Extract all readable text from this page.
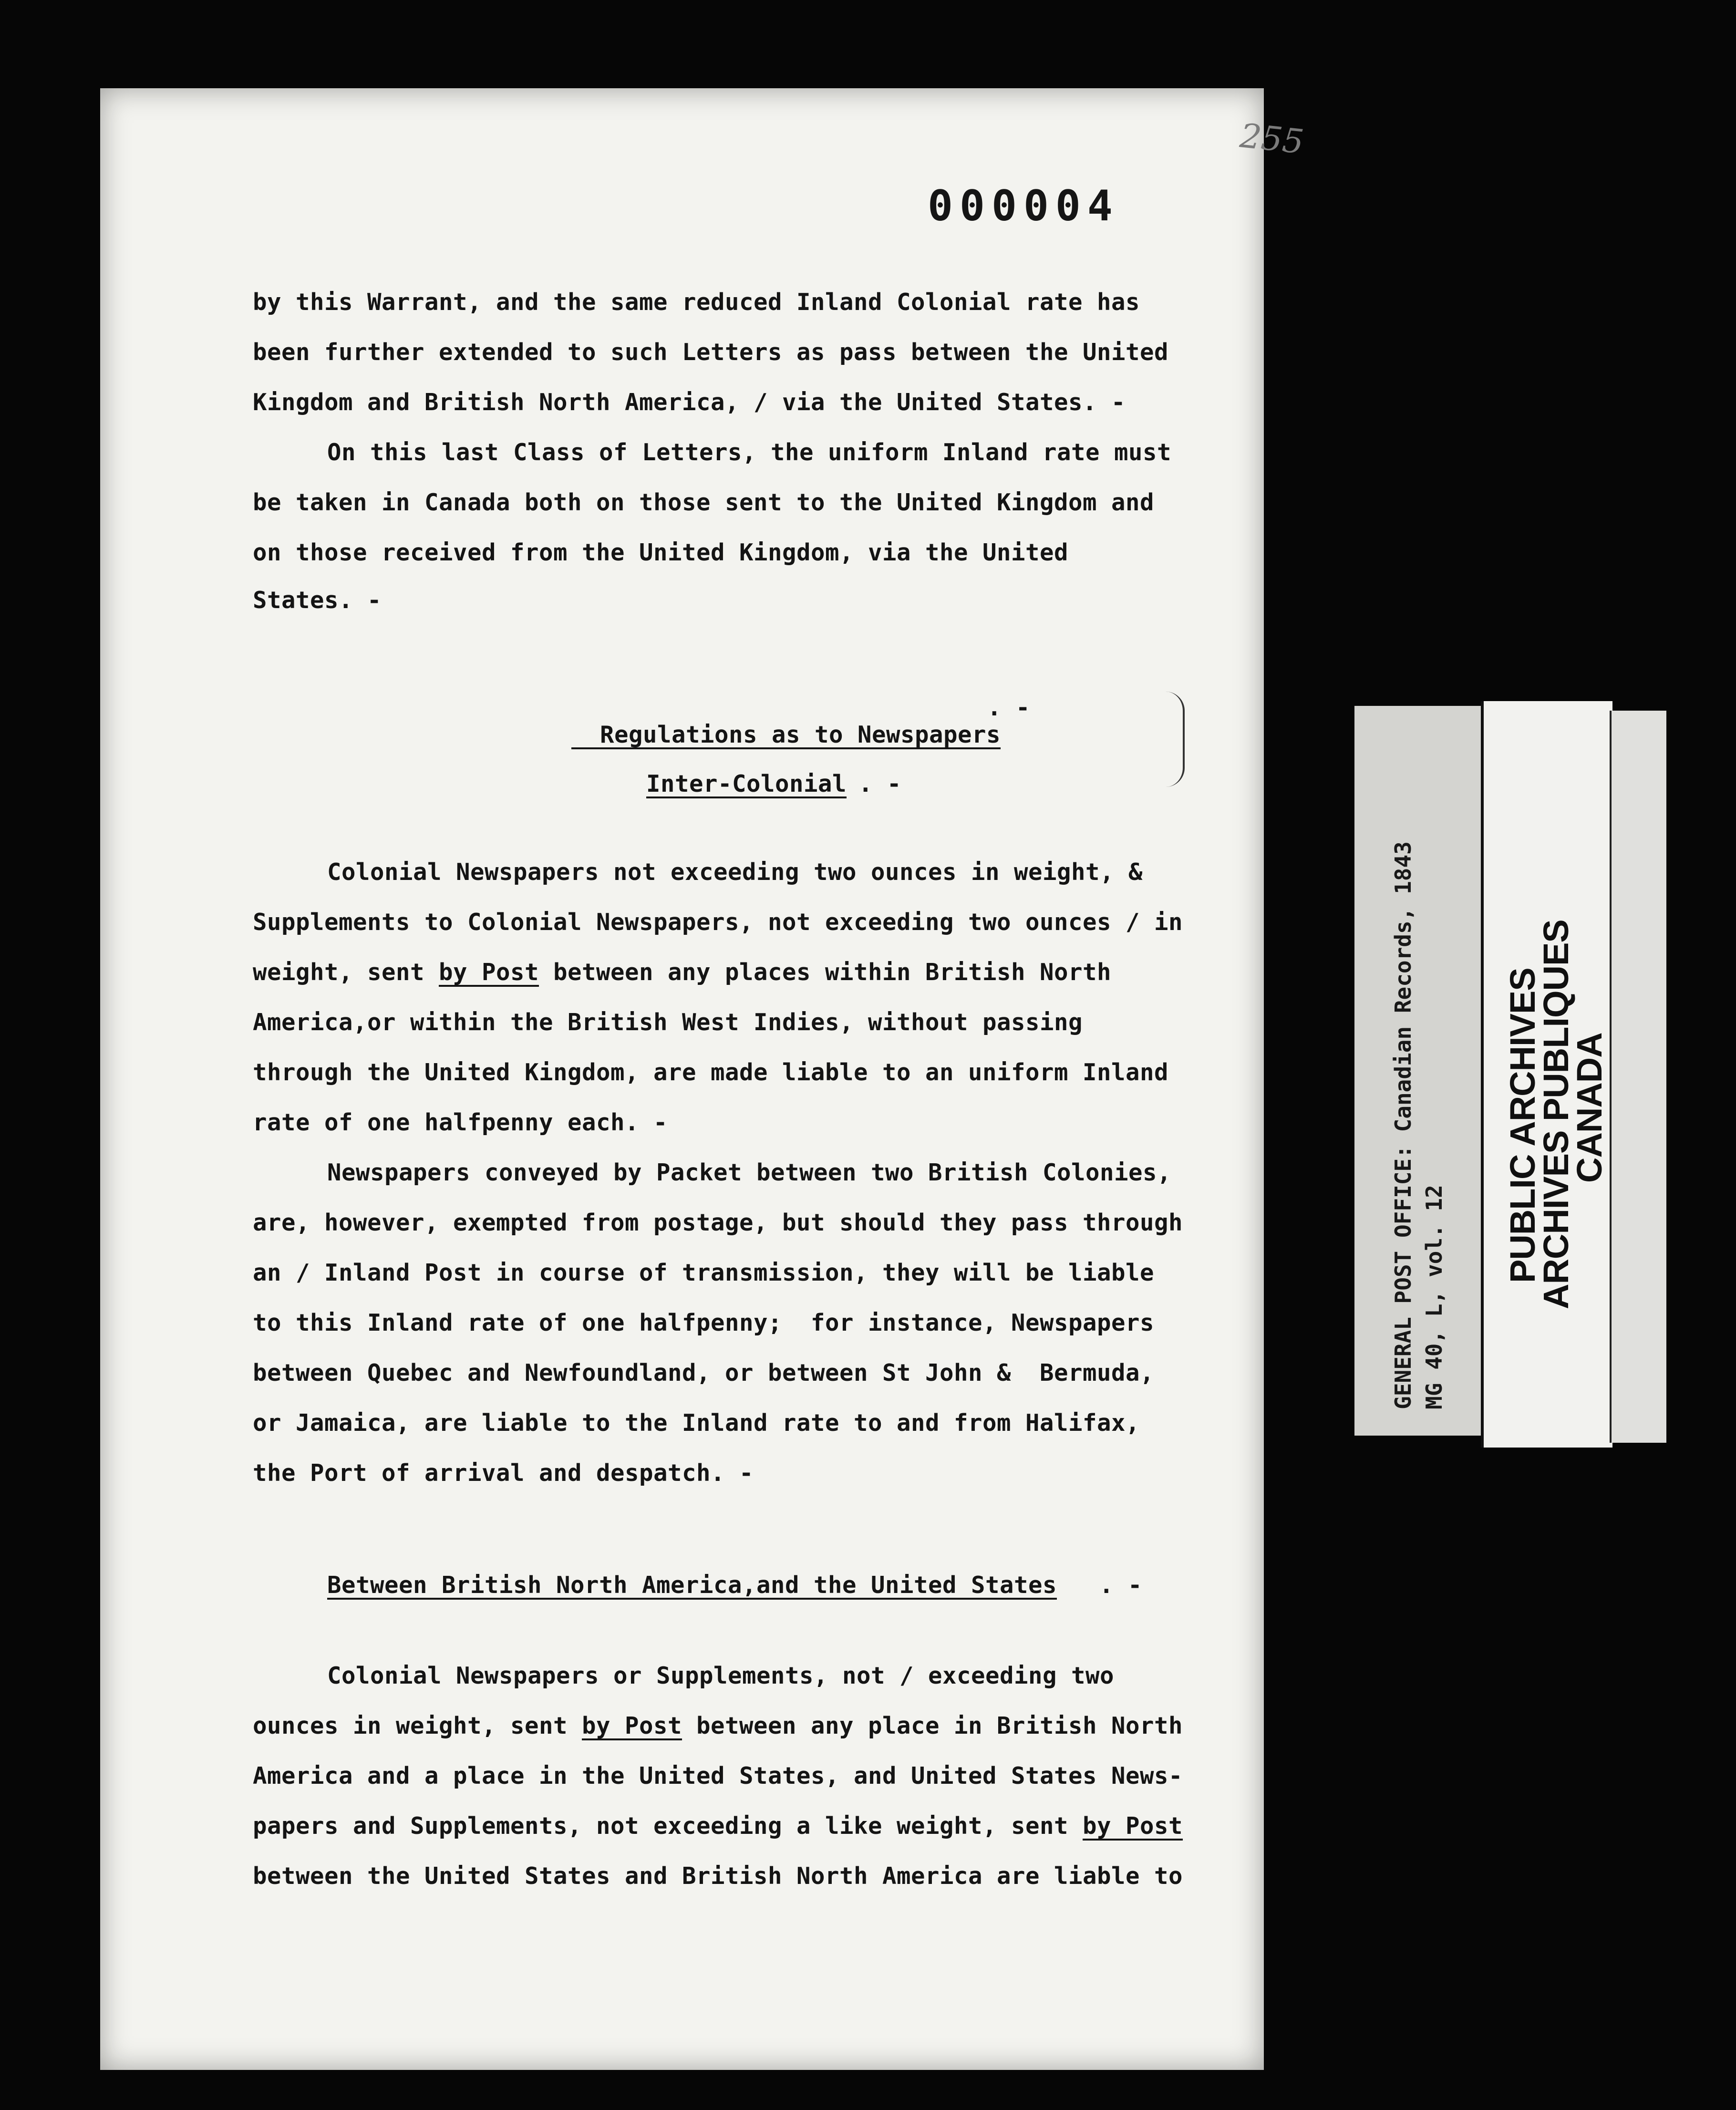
255
000004
by this Warrant, and the same reduced Inland Colonial rate has
been further extended to such Letters as pass between the United
Kingdom and British North America, / via the United States. -
On this last Class of Letters, the uniform Inland rate must
be taken in Canada both on those sent to the United Kingdom and
on those received from the United Kingdom, via the United
States. -
Colonial Newspapers not exceeding two ounces in weight, &
Supplements to Colonial Newspapers, not exceeding two ounces / in
weight, sent by Post between any places within British North
America,or within the British West Indies, without passing
through the United Kingdom, are made liable to an uniform Inland
rate of one halfpenny each. -
Newspapers conveyed by Packet between two British Colonies,
are, however, exempted from postage, but should they pass through
an / Inland Post in course of transmission, they will be liable
to this Inland rate of one halfpenny;  for instance, Newspapers
between Quebec and Newfoundland, or between St John &  Bermuda,
or Jamaica, are liable to the Inland rate to and from Halifax,
the Port of arrival and despatch. -
Colonial Newspapers or Supplements, not / exceeding two
ounces in weight, sent by Post between any place in British North
America and a place in the United States, and United States News-
papers and Supplements, not exceeding a like weight, sent by Post
between the United States and British North America are liable to

Regulations as to Newspapers

. -
Inter-Colonial . -
Between British North America,and the United States . -
GENERAL POST OFFICE: Canadian Records, 1843 MG 40, L, vol. 12
PUBLIC ARCHIVES
ARCHIVES PUBLIQUES
CANADA
